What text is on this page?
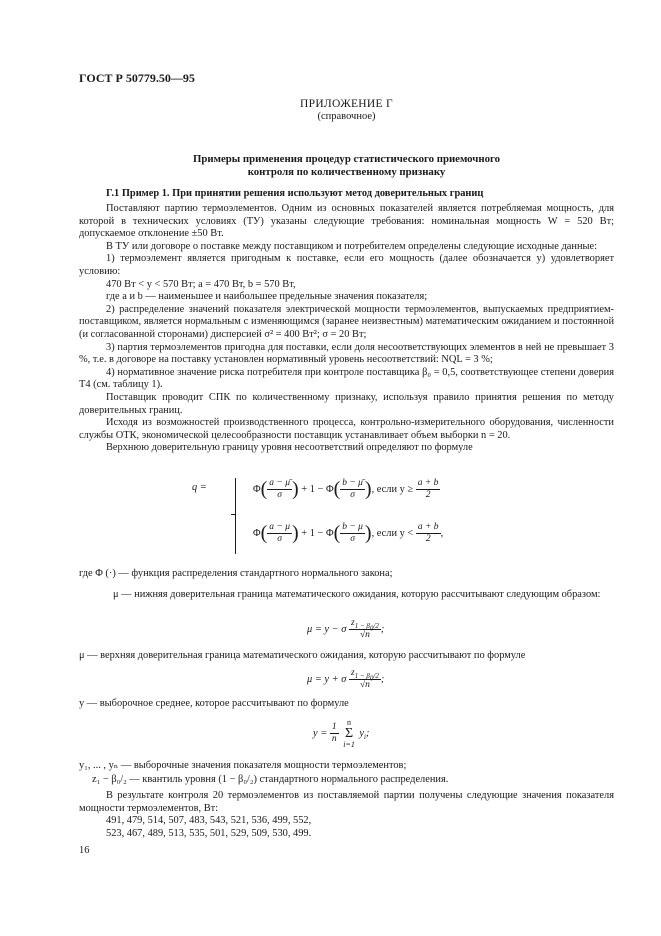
ГОСТ Р 50779.50—95
ПРИЛОЖЕНИЕ Г
(справочное)
Примеры применения процедур статистического приемочного
контроля по количественному признаку
Г.1 Пример 1. При принятии решения используют метод доверительных границ

Поставляют партию термоэлементов. Одним из основных показателей является потребляемая мощность, для которой в технических условиях (ТУ) указаны следующие требования: номинальная мощность W = 520 Вт; допускаемое отклонение ±50 Вт.

В ТУ или договоре о поставке между поставщиком и потребителем определены следующие исходные данные:

1) термоэлемент является пригодным к поставке, если его мощность (далее обозначается y) удовлетворяет условию:

470 Вт < y < 570 Вт; a = 470 Вт, b = 570 Вт,

где a и b — наименьшее и наибольшее предельные значения показателя;

2) распределение значений показателя электрической мощности термоэлементов, выпускаемых предприятием-поставщиком, является нормальным с изменяющимся (заранее неизвестным) математическим ожиданием и постоянной (и согласованной сторонами) дисперсией σ² = 400 Вт²; σ = 20 Вт;

3) партия термоэлементов пригодна для поставки, если доля несоответствующих элементов в ней не превышает 3 %, т.е. в договоре на поставку установлен нормативный уровень несоответствий: NQL = 3 %;

4) нормативное значение риска потребителя при контроле поставщика β₀ = 0,5, соответствующее степени доверия Т4 (см. таблицу 1).

Поставщик проводит СПК по количественному признаку, используя правило принятия решения по методу доверительных границ.

Исходя из возможностей производственного процесса, контрольно-измерительного оборудования, численности службы ОТК, экономической целесообразности поставщик устанавливает объем выборки n = 20.

Верхнюю доверительную границу уровня несоответствий определяют по формуле

q =	$\Phi( \frac{a - \mū}{\sigma}$ ) + $1 - \Phi( \frac{b - \mū}{\sigma}$ ), если $y \ge \frac{a + b}{2}$
$\Phi( \frac{a - \mu}{\sigma}$ ) + $1 - \Phi( \frac{b - \mu}{\sigma}$ ), если $y < \frac{a + b}{2}$ ,
где Φ (·) — функция распределения стандартного нормального закона;
μ — нижняя доверительная граница математического ожидания, которую рассчитывают следующим образом:
μ = y − σ $\frac{z_{1 - \beta_0/2}}{√n}$ ;
μ — верхняя доверительная граница математического ожидания, которую рассчитывают по формуле
μ = y + σ $\frac{z_{1 - \beta_0/2}}{√n}$ ;
y — выборочное среднее, которое рассчитывают по формуле
$y = \frac{1}{n}$
	n
Σ
i=1
$y_i$;
y₁, ... , yₙ — выборочные значения показателя мощности термоэлементов;
z₁ − β₀/₂ — квантиль уровня (1 − β₀/₂) стандартного нормального распределения.
В результате контроля 20 термоэлементов из поставляемой партии получены следующие значения показателя мощности термоэлементов, Вт:
491, 479, 514, 507, 483, 543, 521, 536, 499, 552,
523, 467, 489, 513, 535, 501, 529, 509, 530, 499.
16
